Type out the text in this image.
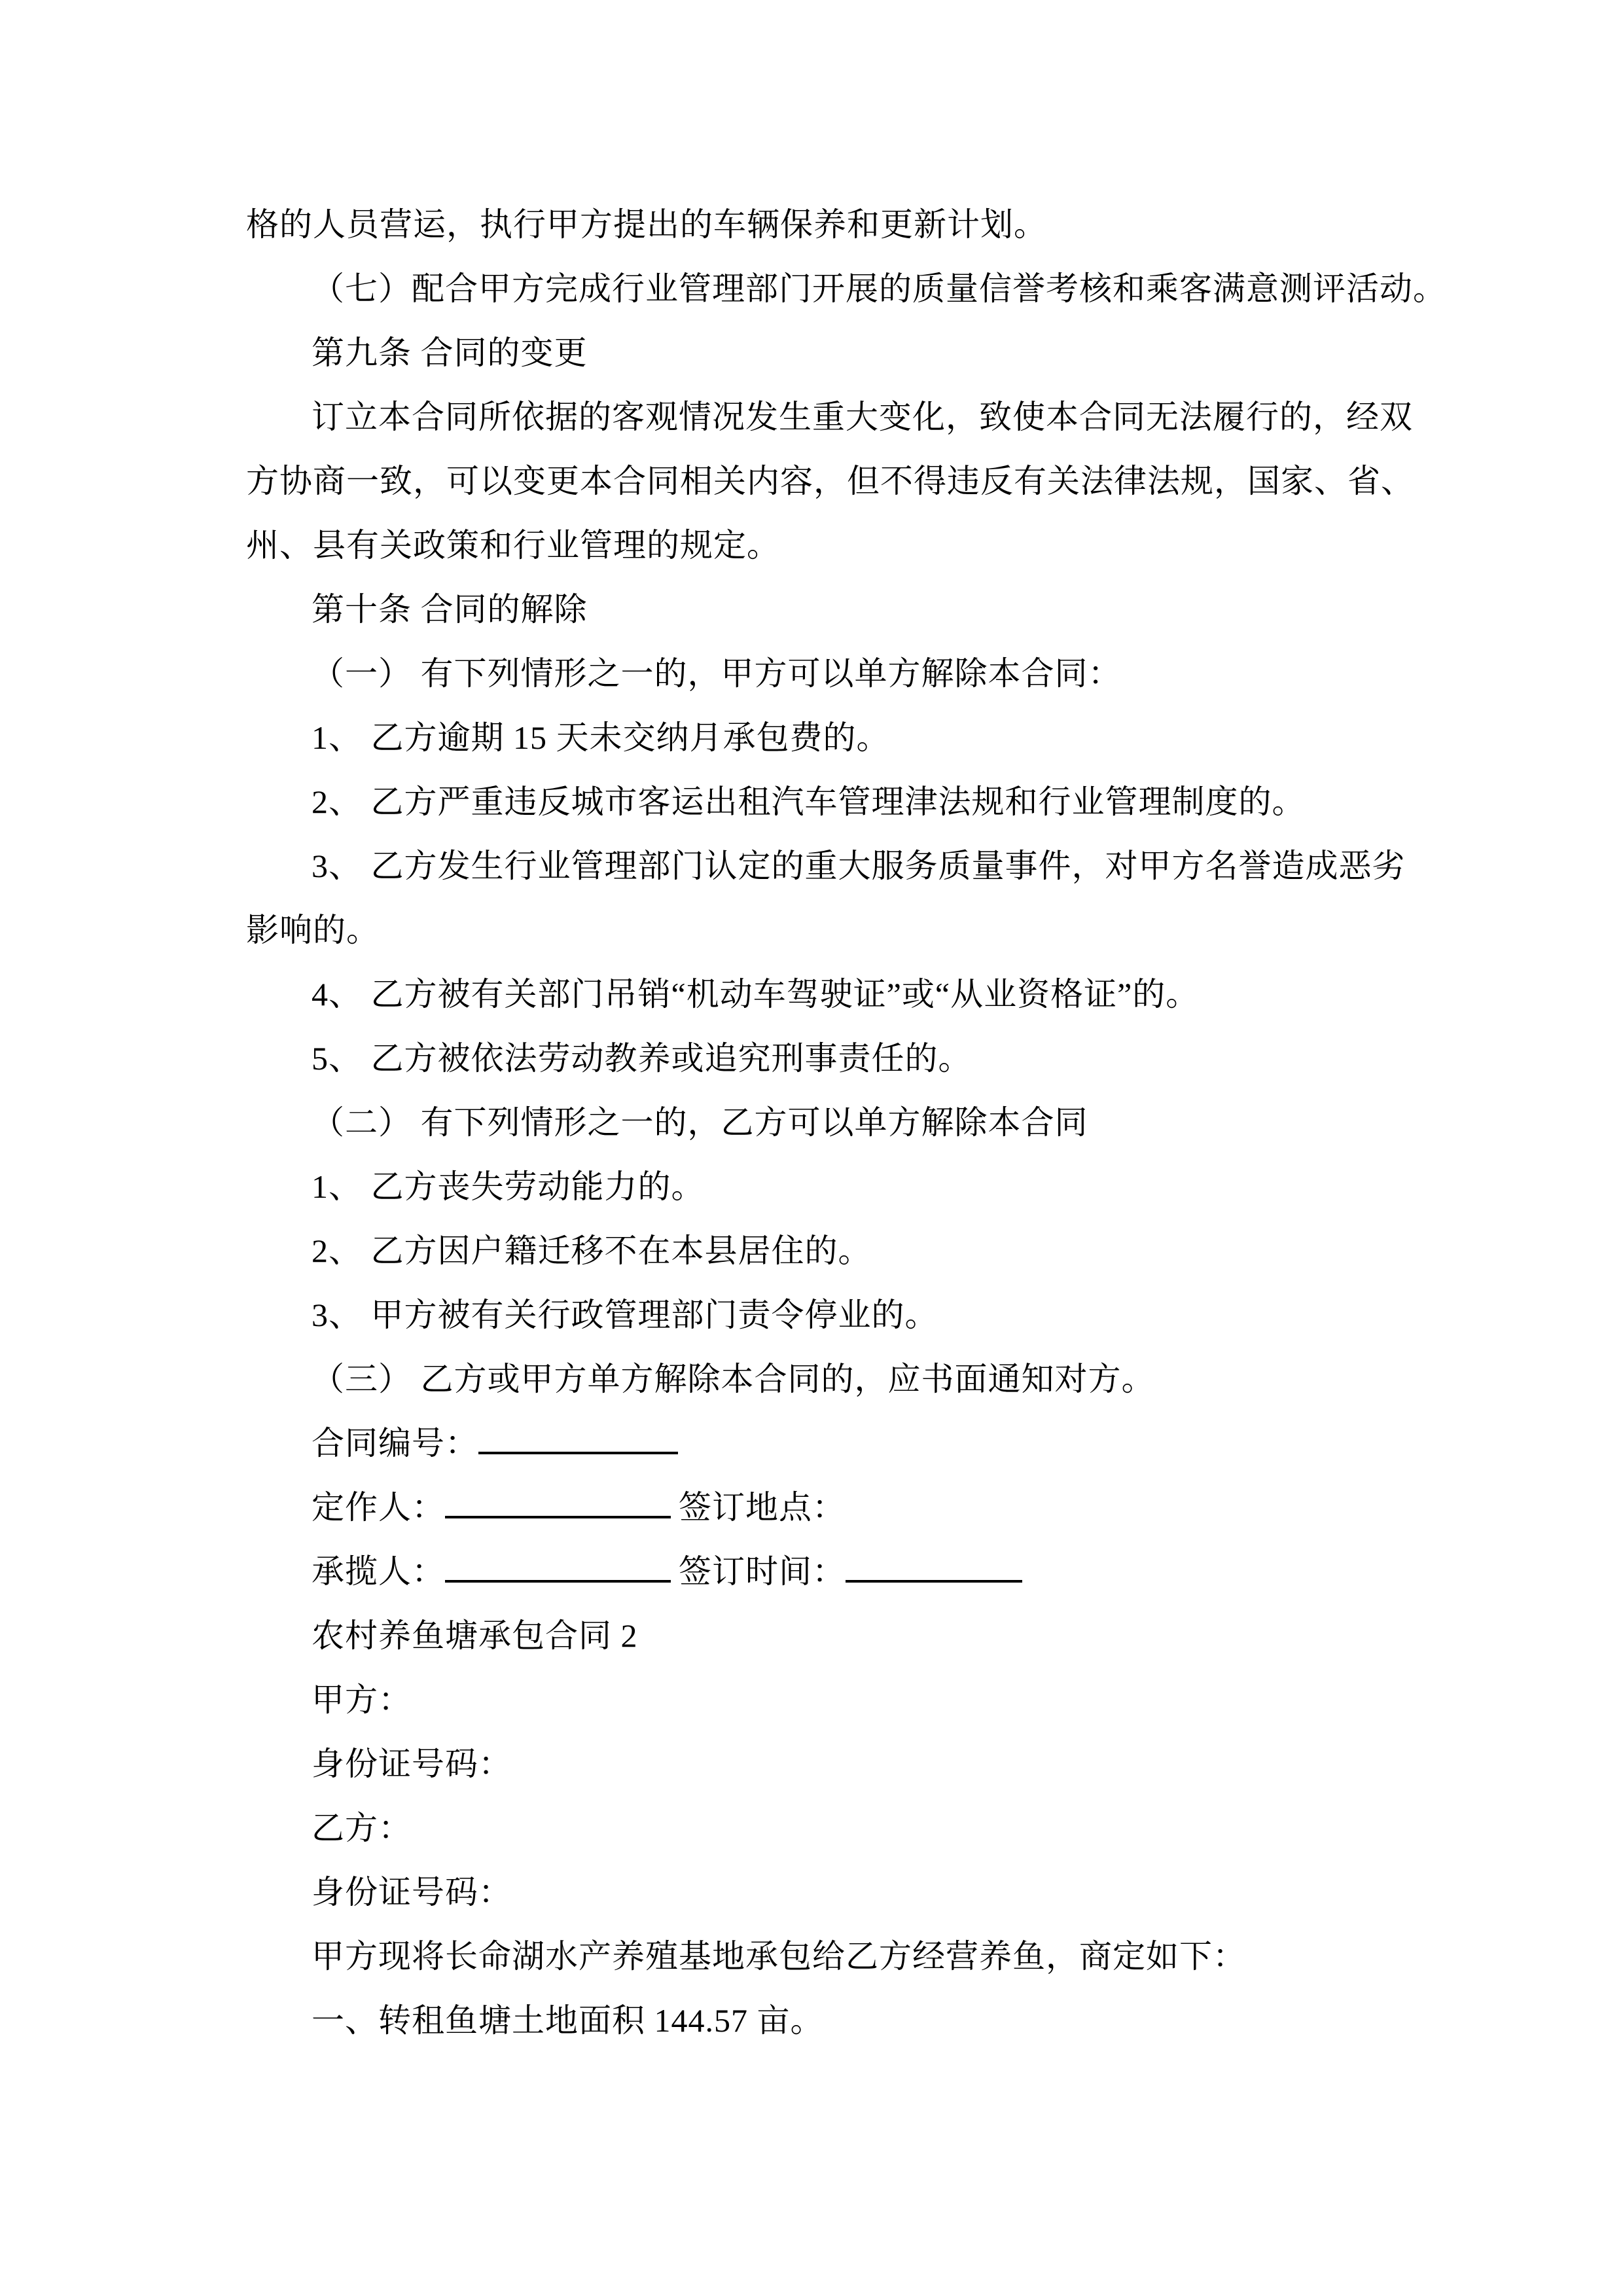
格的人员营运，执行甲方提出的车辆保养和更新计划。
（七）配合甲方完成行业管理部门开展的质量信誉考核和乘客满意测评活动。
第九条 合同的变更
订立本合同所依据的客观情况发生重大变化，致使本合同无法履行的，经双
方协商一致，可以变更本合同相关内容，但不得违反有关法律法规，国家、省、
州、县有关政策和行业管理的规定。
第十条 合同的解除
（一） 有下列情形之一的，甲方可以单方解除本合同：
1、 乙方逾期 15 天未交纳月承包费的。
2、 乙方严重违反城市客运出租汽车管理津法规和行业管理制度的。
3、 乙方发生行业管理部门认定的重大服务质量事件，对甲方名誉造成恶劣
影响的。
4、 乙方被有关部门吊销“机动车驾驶证”或“从业资格证”的。
5、 乙方被依法劳动教养或追究刑事责任的。
（二） 有下列情形之一的，乙方可以单方解除本合同
1、 乙方丧失劳动能力的。
2、 乙方因户籍迁移不在本县居住的。
3、 甲方被有关行政管理部门责令停业的。
（三） 乙方或甲方单方解除本合同的，应书面通知对方。
合同编号：
定作人：	签订地点：
承揽人：	签订时间：
农村养鱼塘承包合同 2
甲方：
身份证号码：
乙方：
身份证号码：
甲方现将长命湖水产养殖基地承包给乙方经营养鱼，商定如下：
一、转租鱼塘土地面积 144.57 亩。
